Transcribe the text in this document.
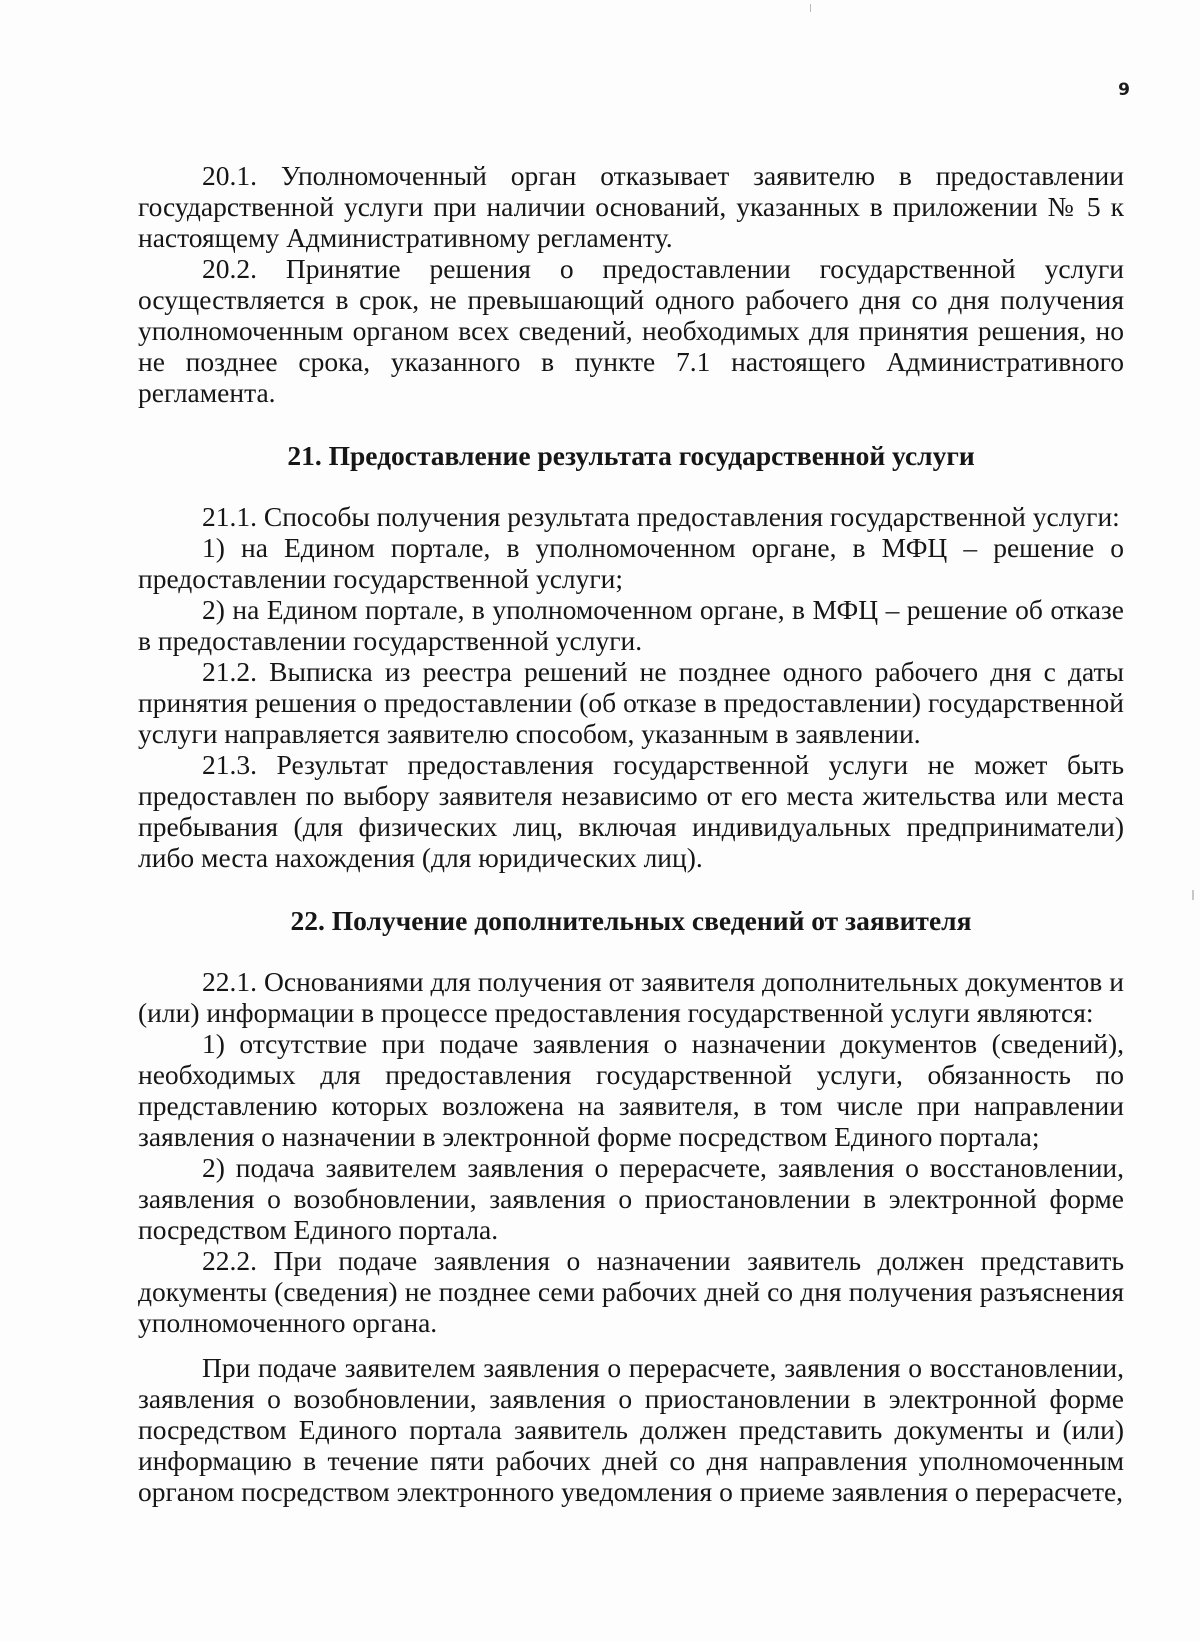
9

20.1. Уполномоченный орган отказывает заявителю в предоставлении государственной услуги при наличии оснований, указанных в приложении № 5 к настоящему Административному регламенту.

20.2. Принятие решения о предоставлении государственной услуги осуществляется в срок, не превышающий одного рабочего дня со дня получения уполномоченным органом всех сведений, необходимых для принятия решения, но не позднее срока, указанного в пункте 7.1 настоящего Административного регламента.

21. Предоставление результата государственной услуги

21.1. Способы получения результата предоставления государственной услуги:

1) на Едином портале, в уполномоченном органе, в МФЦ – решение о предоставлении государственной услуги;

2) на Едином портале, в уполномоченном органе, в МФЦ – решение об отказе в предоставлении государственной услуги.

21.2. Выписка из реестра решений не позднее одного рабочего дня с даты принятия решения о предоставлении (об отказе в предоставлении) государственной услуги направляется заявителю способом, указанным в заявлении.

21.3. Результат предоставления государственной услуги не может быть предоставлен по выбору заявителя независимо от его места жительства или места пребывания (для физических лиц, включая индивидуальных предприниматели) либо места нахождения (для юридических лиц).

22. Получение дополнительных сведений от заявителя

22.1. Основаниями для получения от заявителя дополнительных документов и (или) информации в процессе предоставления государственной услуги являются:

1) отсутствие при подаче заявления о назначении документов (сведений), необходимых для предоставления государственной услуги, обязанность по представлению которых возложена на заявителя, в том числе при направлении заявления о назначении в электронной форме посредством Единого портала;

2) подача заявителем заявления о перерасчете, заявления о восстановлении, заявления о возобновлении, заявления о приостановлении в электронной форме посредством Единого портала.

22.2. При подаче заявления о назначении заявитель должен представить документы (сведения) не позднее семи рабочих дней со дня получения разъяснения уполномоченного органа.

При подаче заявителем заявления о перерасчете, заявления о восстановлении, заявления о возобновлении, заявления о приостановлении в электронной форме посредством Единого портала заявитель должен представить документы и (или) информацию в течение пяти рабочих дней со дня направления уполномоченным органом посредством электронного уведомления о приеме заявления о перерасчете,
